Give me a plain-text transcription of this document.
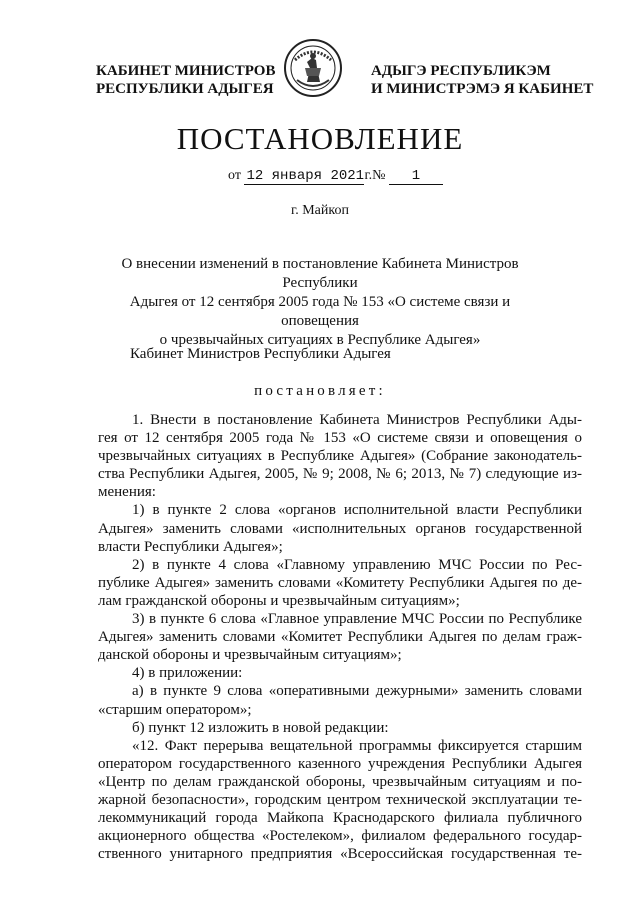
КАБИНЕТ МИНИСТРОВ
РЕСПУБЛИКИ АДЫГЕЯ
АДЫГЭ РЕСПУБЛИКЭМ
И МИНИСТРЭМЭ Я КАБИНЕТ
ПОСТАНОВЛЕНИЕ
от 12 января 2021г.№ 1
г. Майкоп
О внесении изменений в постановление Кабинета Министров Республики
Адыгея от 12 сентября 2005 года № 153 «О системе связи и оповещения
о чрезвычайных ситуациях в Республике Адыгея»
Кабинет Министров Республики Адыгея
постановляет:
1. Внести в постановление Кабинета Министров Республики Ады-
гея от 12 сентября 2005 года № 153 «О системе связи и оповещения о
чрезвычайных ситуациях в Республике Адыгея» (Собрание законодатель-
ства Республики Адыгея, 2005, № 9; 2008, № 6; 2013, № 7) следующие из-
менения:
1) в пункте 2 слова «органов исполнительной власти Республики
Адыгея» заменить словами «исполнительных органов государственной
власти Республики Адыгея»;
2) в пункте 4 слова «Главному управлению МЧС России по Рес-
публике Адыгея» заменить словами «Комитету Республики Адыгея по де-
лам гражданской обороны и чрезвычайным ситуациям»;
3) в пункте 6 слова «Главное управление МЧС России по Республике
Адыгея» заменить словами «Комитет Республики Адыгея по делам граж-
данской обороны и чрезвычайным ситуациям»;
4) в приложении:
а) в пункте 9 слова «оперативными дежурными» заменить словами
«старшим оператором»;
б) пункт 12 изложить в новой редакции:
«12. Факт перерыва вещательной программы фиксируется старшим
оператором государственного казенного учреждения Республики Адыгея
«Центр по делам гражданской обороны, чрезвычайным ситуациям и по-
жарной безопасности», городским центром технической эксплуатации те-
лекоммуникаций города Майкопа Краснодарского филиала публичного
акционерного общества «Ростелеком», филиалом федерального государ-
ственного унитарного предприятия «Всероссийская государственная те-
